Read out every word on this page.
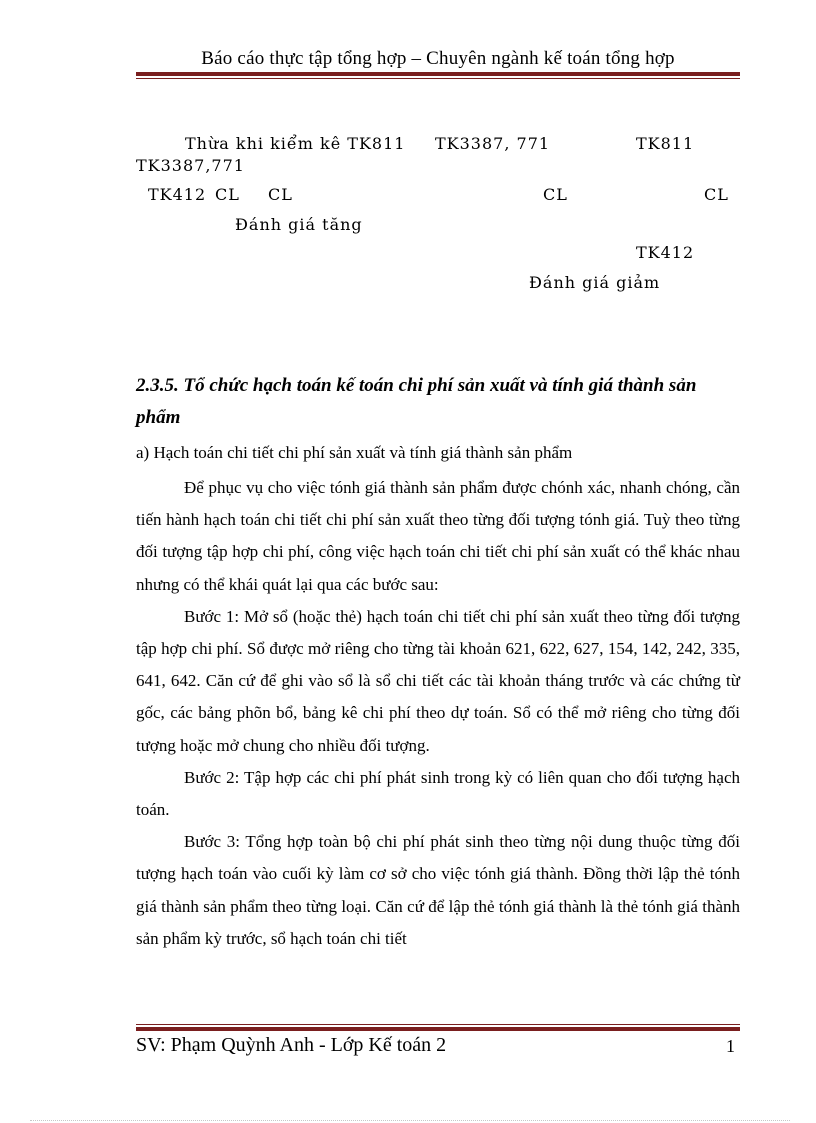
Báo cáo thực tập tổng hợp – Chuyên ngành kế toán tổng hợp
Thừa khi kiểm kê TK811 TK3387, 771	TK811
TK3387,771
TK412 CL CL	CL	CL
Đánh giá tăng
TK412
Đánh giá giảm
2.3.5. Tổ chức hạch toán kế toán chi phí sản xuất và tính giá thành sản phẩm
a) Hạch toán chi tiết chi phí sản xuất và tính giá thành sản phẩm

Để phục vụ cho việc tónh giá thành sản phẩm được chónh xác, nhanh chóng, cần tiến hành hạch toán chi tiết chi phí sản xuất theo từng đối tượng tónh giá. Tuỳ theo từng đối tượng tập hợp chi phí, công việc hạch toán chi tiết chi phí sản xuất có thể khác nhau nhưng có thể khái quát lại qua các bước sau:

Bước 1: Mở sổ (hoặc thẻ) hạch toán chi tiết chi phí sản xuất theo từng đối tượng tập hợp chi phí. Sổ được mở riêng cho từng tài khoản 621, 622, 627, 154, 142, 242, 335, 641, 642. Căn cứ để ghi vào sổ là sổ chi tiết các tài khoản tháng trước và các chứng từ gốc, các bảng phõn bổ, bảng kê chi phí theo dự toán. Sổ có thể mở riêng cho từng đối tượng hoặc mở chung cho nhiều đối tượng.

Bước 2: Tập hợp các chi phí phát sinh trong kỳ có liên quan cho đối tượng hạch toán.

Bước 3: Tổng hợp toàn bộ chi phí phát sinh theo từng nội dung thuộc từng đối tượng hạch toán vào cuối kỳ làm cơ sở cho việc tónh giá thành. Đồng thời lập thẻ tónh giá thành sản phẩm theo từng loại. Căn cứ để lập thẻ tónh giá thành là thẻ tónh giá thành sản phẩm kỳ trước, sổ hạch toán chi tiết

SV: Phạm Quỳnh Anh - Lớp Kế toán 2	1
